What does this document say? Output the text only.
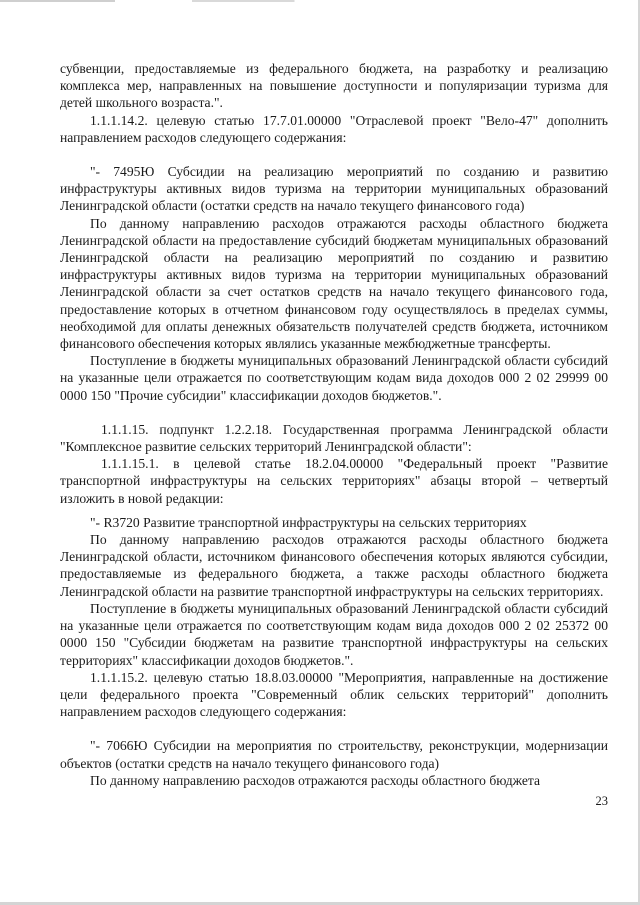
субвенции, предоставляемые из федерального бюджета, на разработку и реализацию комплекса мер, направленных на повышение доступности и популяризации туризма для детей школьного возраста.".

1.1.1.14.2. целевую статью 17.7.01.00000 "Отраслевой проект "Вело-47" дополнить направлением расходов следующего содержания:

"- 7495Ю Субсидии на реализацию мероприятий по созданию и развитию инфраструктуры активных видов туризма на территории муниципальных образований Ленинградской области (остатки средств на начало текущего финансового года)

По данному направлению расходов отражаются расходы областного бюджета Ленинградской области на предоставление субсидий бюджетам муниципальных образований Ленинградской области на реализацию мероприятий по созданию и развитию инфраструктуры активных видов туризма на территории муниципальных образований Ленинградской области за счет остатков средств на начало текущего финансового года, предоставление которых в отчетном финансовом году осуществлялось в пределах суммы, необходимой для оплаты денежных обязательств получателей средств бюджета, источником финансового обеспечения которых являлись указанные межбюджетные трансферты.

Поступление в бюджеты муниципальных образований Ленинградской области субсидий на указанные цели отражается по соответствующим кодам вида доходов 000 2 02 29999 00 0000 150 "Прочие субсидии" классификации доходов бюджетов.".

1.1.1.15. подпункт 1.2.2.18. Государственная программа Ленинградской области "Комплексное развитие сельских территорий Ленинградской области":

1.1.1.15.1. в целевой статье 18.2.04.00000 "Федеральный проект "Развитие транспортной инфраструктуры на сельских территориях" абзацы второй – четвертый изложить в новой редакции:

"- R3720 Развитие транспортной инфраструктуры на сельских территориях

По данному направлению расходов отражаются расходы областного бюджета Ленинградской области, источником финансового обеспечения которых являются субсидии, предоставляемые из федерального бюджета, а также расходы областного бюджета Ленинградской области на развитие транспортной инфраструктуры на сельских территориях.

Поступление в бюджеты муниципальных образований Ленинградской области субсидий на указанные цели отражается по соответствующим кодам вида доходов 000 2 02 25372 00 0000 150 "Субсидии бюджетам на развитие транспортной инфраструктуры на сельских территориях" классификации доходов бюджетов.".

1.1.1.15.2. целевую статью 18.8.03.00000 "Мероприятия, направленные на достижение цели федерального проекта "Современный облик сельских территорий" дополнить направлением расходов следующего содержания:

"- 7066Ю Субсидии на мероприятия по строительству, реконструкции, модернизации объектов (остатки средств на начало текущего финансового года)

По данному направлению расходов отражаются расходы областного бюджета

23
